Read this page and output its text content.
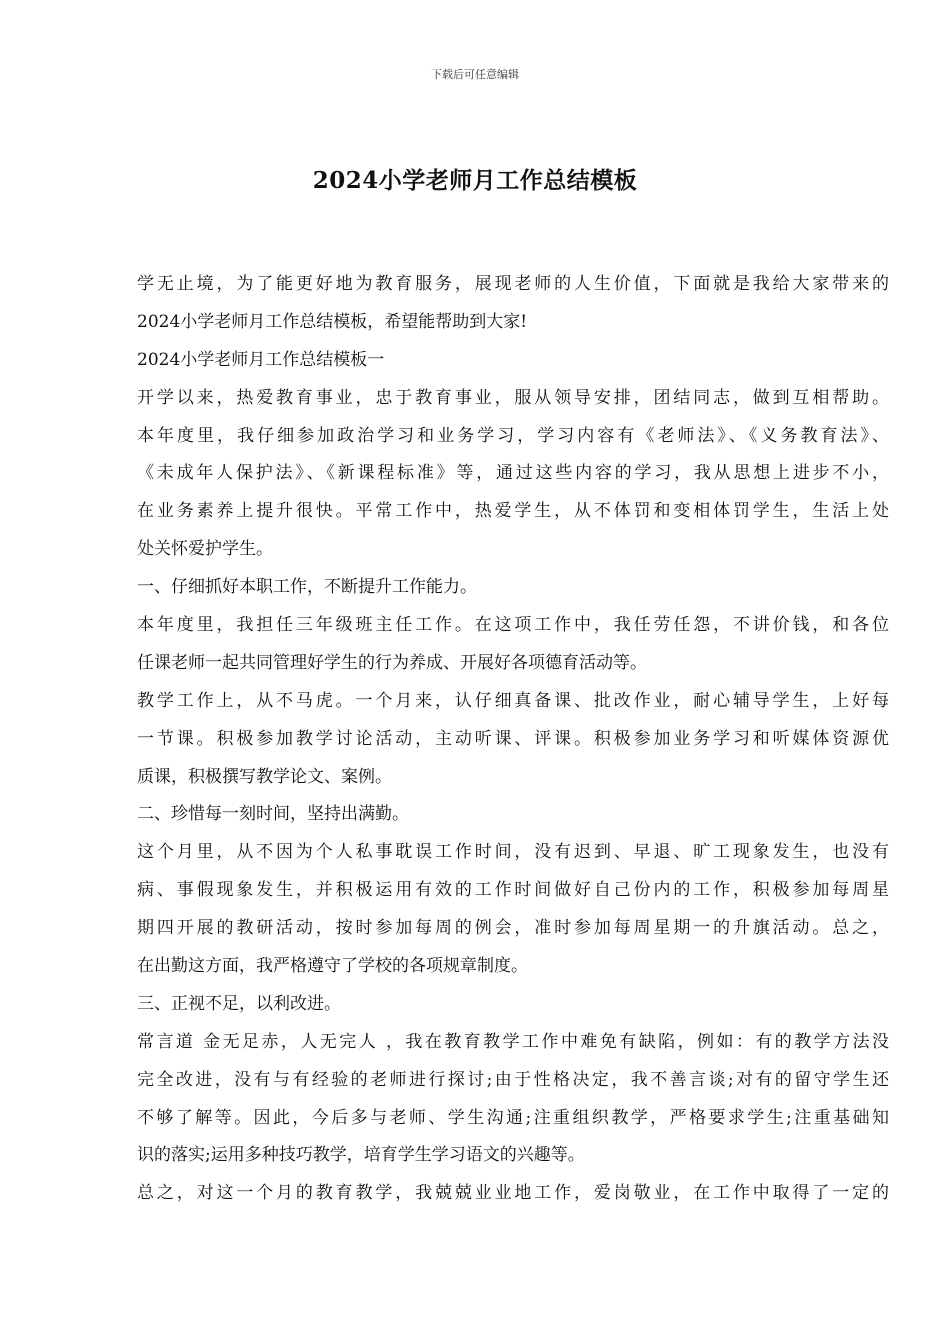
下载后可任意编辑
2024小学老师月工作总结模板
学无止境，为了能更好地为教育服务，展现老师的人生价值，下面就是我给大家带来的
2024小学老师月工作总结模板，希望能帮助到大家!
2024小学老师月工作总结模板一
开学以来，热爱教育事业，忠于教育事业，服从领导安排，团结同志，做到互相帮助。
本年度里，我仔细参加政治学习和业务学习，学习内容有《老师法》、《义务教育法》、
《未成年人保护法》、《新课程标准》等，通过这些内容的学习，我从思想上进步不小，
在业务素养上提升很快。平常工作中，热爱学生，从不体罚和变相体罚学生，生活上处
处关怀爱护学生。
一、仔细抓好本职工作，不断提升工作能力。
本年度里，我担任三年级班主任工作。在这项工作中，我任劳任怨，不讲价钱，和各位
任课老师一起共同管理好学生的行为养成、开展好各项德育活动等。
教学工作上，从不马虎。一个月来，认仔细真备课、批改作业，耐心辅导学生，上好每
一节课。积极参加教学讨论活动，主动听课、评课。积极参加业务学习和听媒体资源优
质课，积极撰写教学论文、案例。
二、珍惜每一刻时间，坚持出满勤。
这个月里，从不因为个人私事耽误工作时间，没有迟到、早退、旷工现象发生，也没有
病、事假现象发生，并积极运用有效的工作时间做好自己份内的工作，积极参加每周星
期四开展的教研活动，按时参加每周的例会，准时参加每周星期一的升旗活动。总之，
在出勤这方面，我严格遵守了学校的各项规章制度。
三、正视不足，以利改进。
常言道 金无足赤，人无完人 ，我在教育教学工作中难免有缺陷，例如：有的教学方法没
完全改进，没有与有经验的老师进行探讨;由于性格决定，我不善言谈;对有的留守学生还
不够了解等。因此，今后多与老师、学生沟通;注重组织教学，严格要求学生;注重基础知
识的落实;运用多种技巧教学，培育学生学习语文的兴趣等。
总之，对这一个月的教育教学，我兢兢业业地工作，爱岗敬业，在工作中取得了一定的
